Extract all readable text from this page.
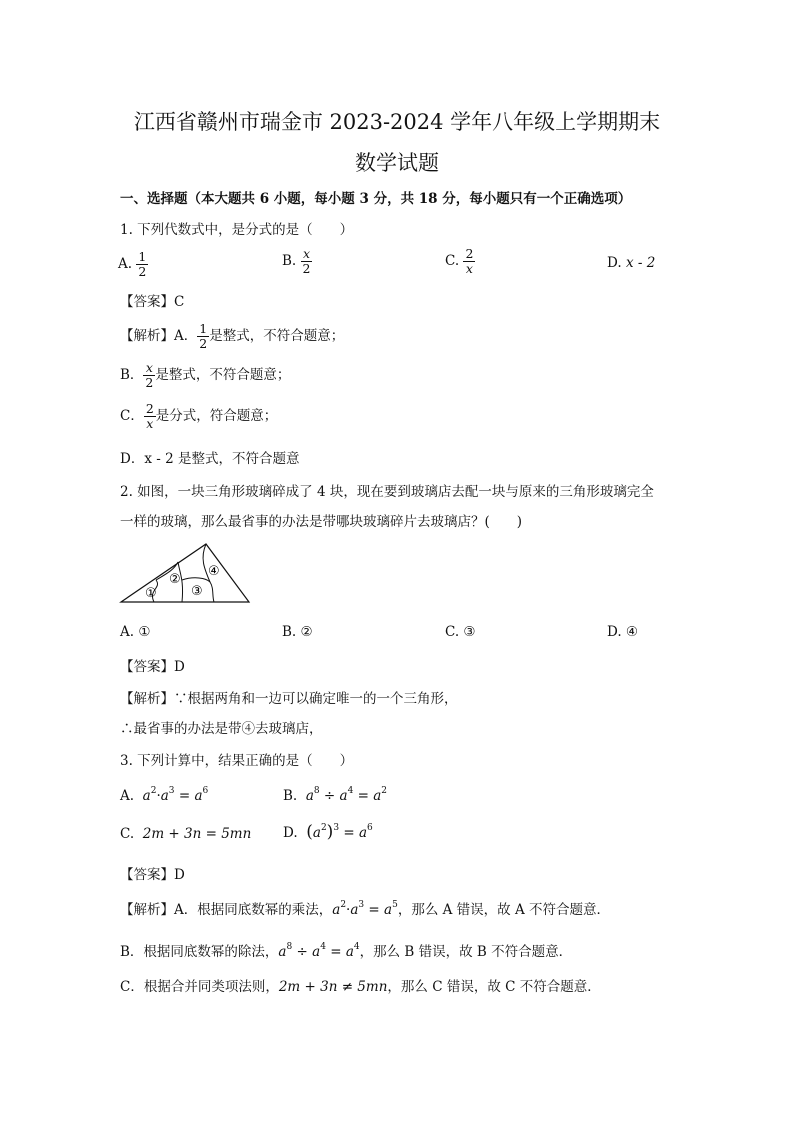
江西省赣州市瑞金市 2023-2024 学年八年级上学期期末
数学试题
一、选择题（本大题共 6 小题，每小题 3 分，共 18 分，每小题只有一个正确选项）
1. 下列代数式中，是分式的是（　　）
A. $\frac{1}{2}$	B. $\frac{x}{2}$	C. $\frac{2}{x}$	D. x - 2
【答案】C
【解析】A． $\frac{1}{2}$ 是整式，不符合题意；
B． $\frac{x}{2}$ 是整式，不符合题意；
C． $\frac{2}{x}$ 是分式，符合题意；
D．x - 2 是整式，不符合题意
2. 如图，一块三角形玻璃碎成了 4 块，现在要到玻璃店去配一块与原来的三角形玻璃完全
一样的玻璃，那么最省事的办法是带哪块玻璃碎片去玻璃店？(　　)
①
②
③
④
A. ①	B. ②	C. ③	D. ④
【答案】D
【解析】∵根据两角和一边可以确定唯一的一个三角形，
∴最省事的办法是带④去玻璃店，
3. 下列计算中，结果正确的是（　　）
A. $a^2\cdot a^3 = a^6$	B. $a^8 \div a^4 = a^2$
C. 2m + 3n = 5mn D. $(a^2)^3 = a^6$
【答案】D
【解析】A．根据同底数幂的乘法，$a^2\cdot a^3 = a^5$，那么 A 错误，故 A 不符合题意．
B．根据同底数幂的除法，$a^8 \div a^4 = a^4$，那么 B 错误，故 B 不符合题意．
C．根据合并同类项法则，2m + 3n ≠ 5mn，那么 C 错误，故 C 不符合题意．
